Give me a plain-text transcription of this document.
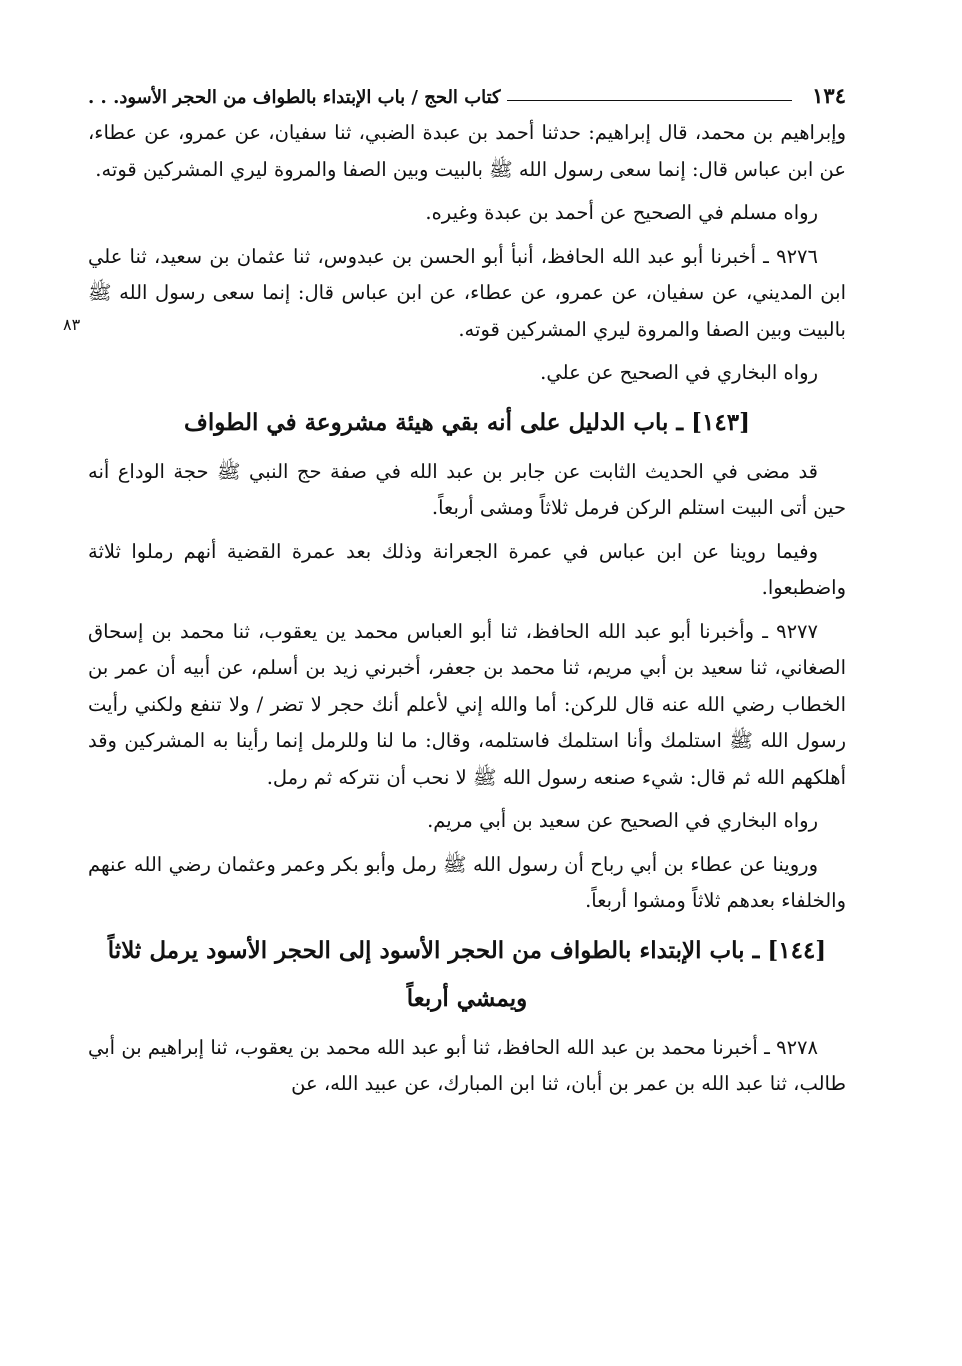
١٣٤
كتاب الحج / باب الإبتداء بالطواف من الحجر الأسود. . .

وإبراهيم بن محمد، قال إبراهيم: حدثنا أحمد بن عبدة الضبي، ثنا سفيان، عن عمرو، عن عطاء، عن ابن عباس قال: إنما سعى رسول الله ﷺ بالبيت وبين الصفا والمروة ليري المشركين قوته.

رواه مسلم في الصحيح عن أحمد بن عبدة وغيره.

٩٢٧٦ ـ أخبرنا أبو عبد الله الحافظ، أنبأ أبو الحسن بن عبدوس، ثنا عثمان بن سعيد، ثنا علي ابن المديني، عن سفيان، عن عمرو، عن عطاء، عن ابن عباس قال: إنما سعى رسول الله ﷺ بالبيت وبين الصفا والمروة ليري المشركين قوته.

رواه البخاري في الصحيح عن علي.

[١٤٣] ـ باب الدليل على أنه بقي هيئة مشروعة في الطواف

قد مضى في الحديث الثابت عن جابر بن عبد الله في صفة حج النبي ﷺ حجة الوداع أنه حين أتى البيت استلم الركن فرمل ثلاثاً ومشى أربعاً.

وفيما روينا عن ابن عباس في عمرة الجعرانة وذلك بعد عمرة القضية أنهم رملوا ثلاثة واضطبعوا.

٩٢٧٧ ـ وأخبرنا أبو عبد الله الحافظ، ثنا أبو العباس محمد ين يعقوب، ثنا محمد بن إسحاق الصغاني، ثنا سعيد بن أبي مريم، ثنا محمد بن جعفر، أخبرني زيد بن أسلم، عن أبيه أن عمر بن الخطاب رضي الله عنه قال للركن: أما والله إني لأعلم أنك حجر لا تضر / ولا تنفع ولكني رأيت رسول الله ﷺ استلمك وأنا استلمك فاستلمه، وقال: ما لنا وللرمل إنما رأينا به المشركين وقد أهلكهم الله ثم قال: شيء صنعه رسول الله ﷺ لا نحب أن نتركه ثم رمل.

٨٣

رواه البخاري في الصحيح عن سعيد بن أبي مريم.

وروينا عن عطاء بن أبي رباح أن رسول الله ﷺ رمل وأبو بكر وعمر وعثمان رضي الله عنهم والخلفاء بعدهم ثلاثاً ومشوا أربعاً.

[١٤٤] ـ باب الإبتداء بالطواف من الحجر الأسود إلى الحجر الأسود يرمل ثلاثاً ويمشي أربعاً

٩٢٧٨ ـ أخبرنا محمد بن عبد الله الحافظ، ثنا أبو عبد الله محمد بن يعقوب، ثنا إبراهيم بن أبي طالب، ثنا عبد الله بن عمر بن أبان، ثنا ابن المبارك، عن عبيد الله، عن
